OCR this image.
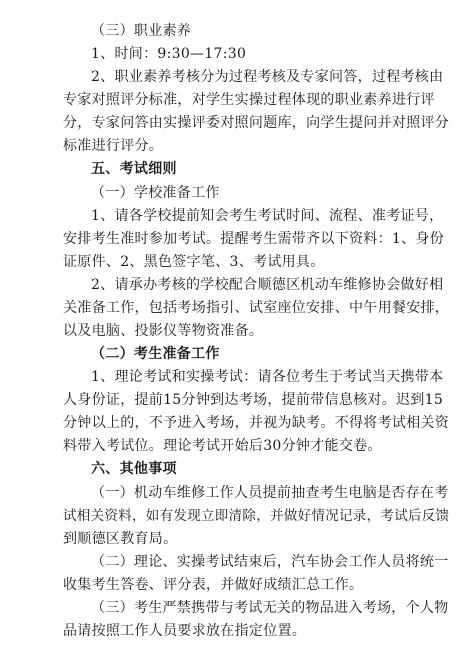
（三）职业素养
1、时间：9:30—17:30
2、职业素养考核分为过程考核及专家问答，过程考核由
专家对照评分标准，对学生实操过程体现的职业素养进行评
分，专家问答由实操评委对照问题库，向学生提问并对照评分
标准进行评分。
五、考试细则
（一）学校准备工作
1、请各学校提前知会考生考试时间、流程、准考证号，
安排考生准时参加考试。提醒考生需带齐以下资料：1、身份
证原件、2、黑色签字笔、3、考试用具。
2、请承办考核的学校配合顺德区机动车维修协会做好相
关准备工作，包括考场指引、试室座位安排、中午用餐安排，
以及电脑、投影仪等物资准备。
（二）考生准备工作
1、理论考试和实操考试：请各位考生于考试当天携带本
人身份证，提前15分钟到达考场，提前带信息核对。迟到15
分钟以上的，不予进入考场，并视为缺考。不得将考试相关资
料带入考试位。理论考试开始后30分钟才能交卷。
六、其他事项
（一）机动车维修工作人员提前抽查考生电脑是否存在考
试相关资料，如有发现立即清除，并做好情况记录，考试后反馈
到顺德区教育局。
（二）理论、实操考试结束后，汽车协会工作人员将统一
收集考生答卷、评分表，并做好成绩汇总工作。
（三）考生严禁携带与考试无关的物品进入考场，个人物
品请按照工作人员要求放在指定位置。
